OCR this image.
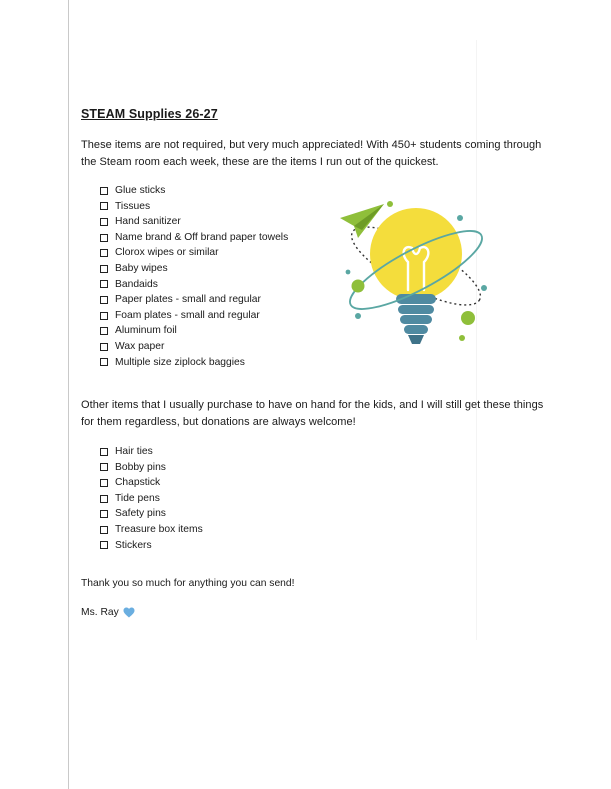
STEAM Supplies 26-27

These items are not required, but very much appreciated! With 450+ students coming through the Steam room each week, these are the items I run out of the quickest.

Glue sticks
Tissues
Hand sanitizer
Name brand & Off brand paper towels
Clorox wipes or similar
Baby wipes
Bandaids
Paper plates - small and regular
Foam plates - small and regular
Aluminum foil
Wax paper
Multiple size ziplock baggies

Other items that I usually purchase to have on hand for the kids, and I will still get these things for them regardless, but donations are always welcome!

Hair ties
Bobby pins
Chapstick
Tide pens
Safety pins
Treasure box items
Stickers

Thank you so much for anything you can send!

Ms. Ray
